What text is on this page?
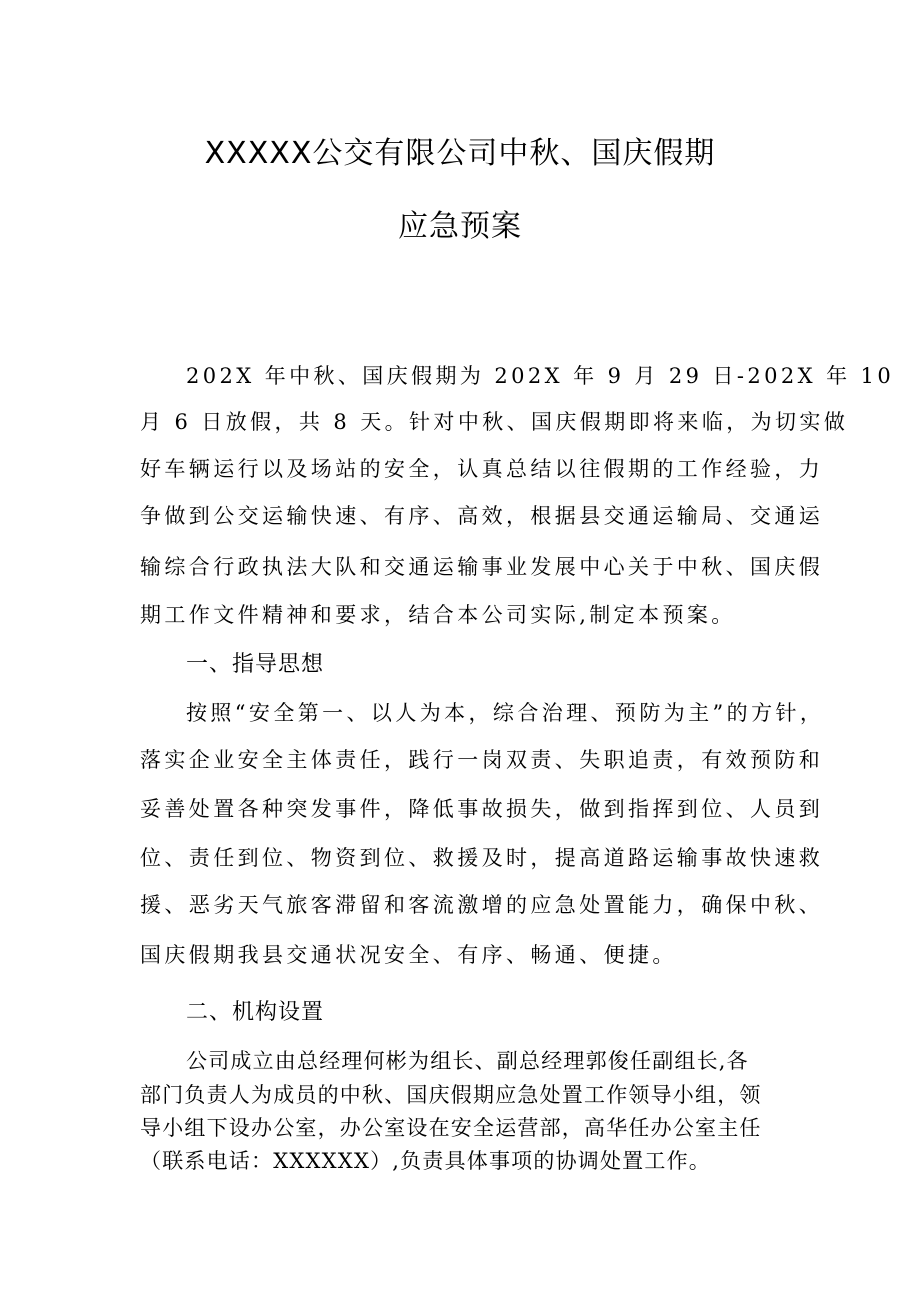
XXXXX公交有限公司中秋、国庆假期
应急预案
202X 年中秋、国庆假期为 202X 年 9 月 29 日-202X 年 10
月 6 日放假，共 8 天。针对中秋、国庆假期即将来临，为切实做
好车辆运行以及场站的安全，认真总结以往假期的工作经验，力
争做到公交运输快速、有序、高效，根据县交通运输局、交通运
输综合行政执法大队和交通运输事业发展中心关于中秋、国庆假
期工作文件精神和要求，结合本公司实际,制定本预案。
一、指导思想
按照“安全第一、以人为本，综合治理、预防为主”的方针，
落实企业安全主体责任，践行一岗双责、失职追责，有效预防和
妥善处置各种突发事件，降低事故损失，做到指挥到位、人员到
位、责任到位、物资到位、救援及时，提高道路运输事故快速救
援、恶劣天气旅客滞留和客流激增的应急处置能力，确保中秋、
国庆假期我县交通状况安全、有序、畅通、便捷。
二、机构设置
公司成立由总经理何彬为组长、副总经理郭俊任副组长,各
部门负责人为成员的中秋、国庆假期应急处置工作领导小组，领
导小组下设办公室，办公室设在安全运营部，高华任办公室主任
（联系电话：XXXXXX）,负责具体事项的协调处置工作。
